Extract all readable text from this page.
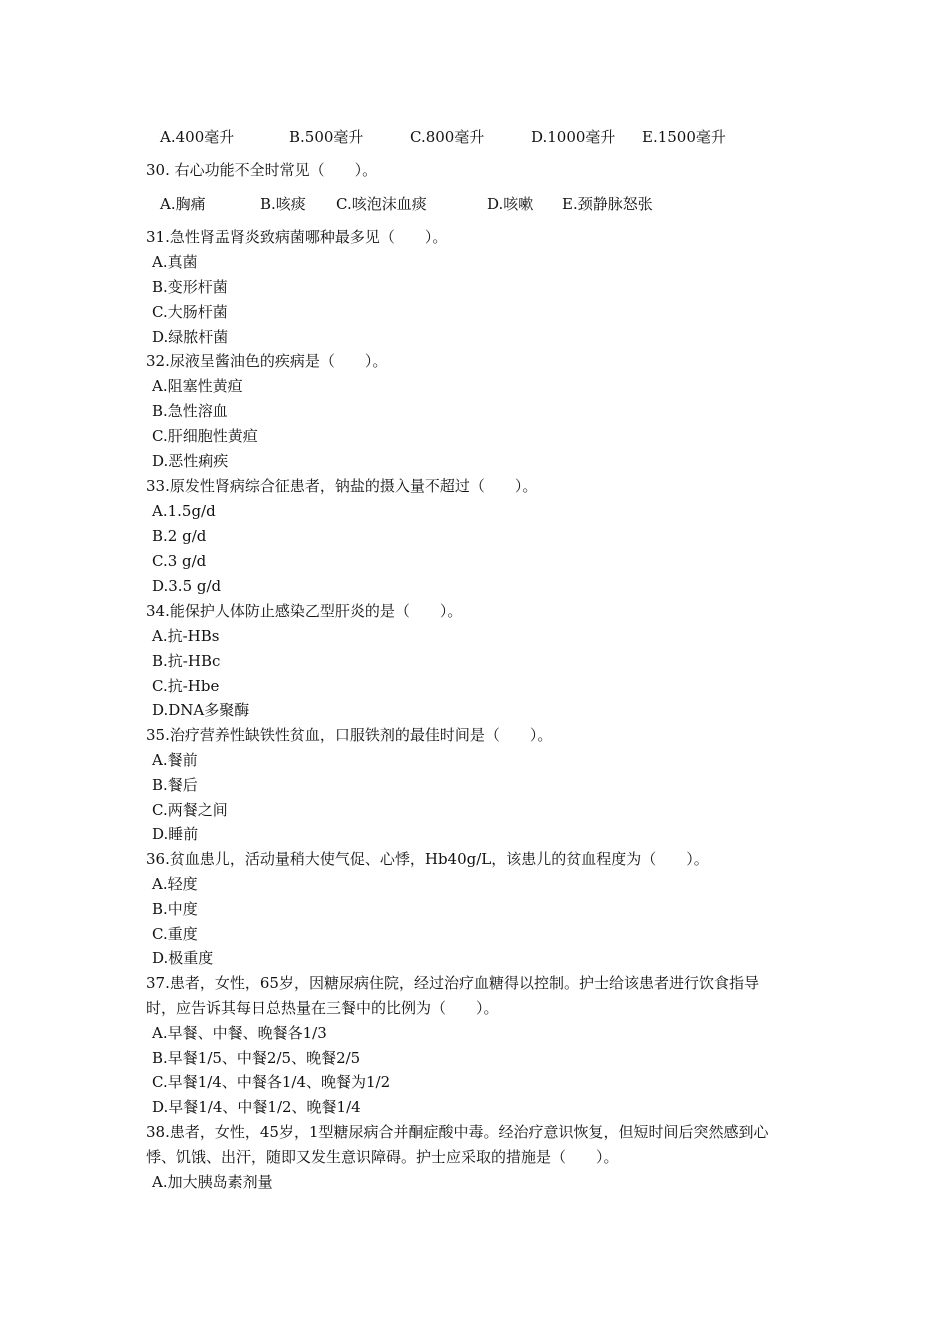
A.400毫升	B.500毫升	C.800毫升	D.1000毫升 E.1500毫升
30. 右心功能不全时常见（　　）。
A.胸痛	B.咳痰 C.咳泡沫血痰	D.咳嗽 E.颈静脉怒张
31.急性肾盂肾炎致病菌哪种最多见（　　）。
A.真菌
B.变形杆菌
C.大肠杆菌
D.绿脓杆菌
32.尿液呈酱油色的疾病是（　　）。
A.阻塞性黄疸
B.急性溶血
C.肝细胞性黄疸
D.恶性痢疾
33.原发性肾病综合征患者，钠盐的摄入量不超过（　　）。
A.1.5g/d
B.2 g/d
C.3 g/d
D.3.5 g/d
34.能保护人体防止感染乙型肝炎的是（　　）。
A.抗-HBs
B.抗-HBc
C.抗-Hbe
D.DNA多聚酶
35.治疗营养性缺铁性贫血，口服铁剂的最佳时间是（　　）。
A.餐前
B.餐后
C.两餐之间
D.睡前
36.贫血患儿，活动量稍大使气促、心悸，Hb40g/L，该患儿的贫血程度为（　　）。
A.轻度
B.中度
C.重度
D.极重度
37.患者，女性，65岁，因糖尿病住院，经过治疗血糖得以控制。护士给该患者进行饮食指导
时，应告诉其每日总热量在三餐中的比例为（　　）。
A.早餐、中餐、晚餐各1/3
B.早餐1/5、中餐2/5、晚餐2/5
C.早餐1/4、中餐各1/4、晚餐为1/2
D.早餐1/4、中餐1/2、晚餐1/4
38.患者，女性，45岁，1型糖尿病合并酮症酸中毒。经治疗意识恢复，但短时间后突然感到心
悸、饥饿、出汗，随即又发生意识障碍。护士应采取的措施是（　　）。
A.加大胰岛素剂量
